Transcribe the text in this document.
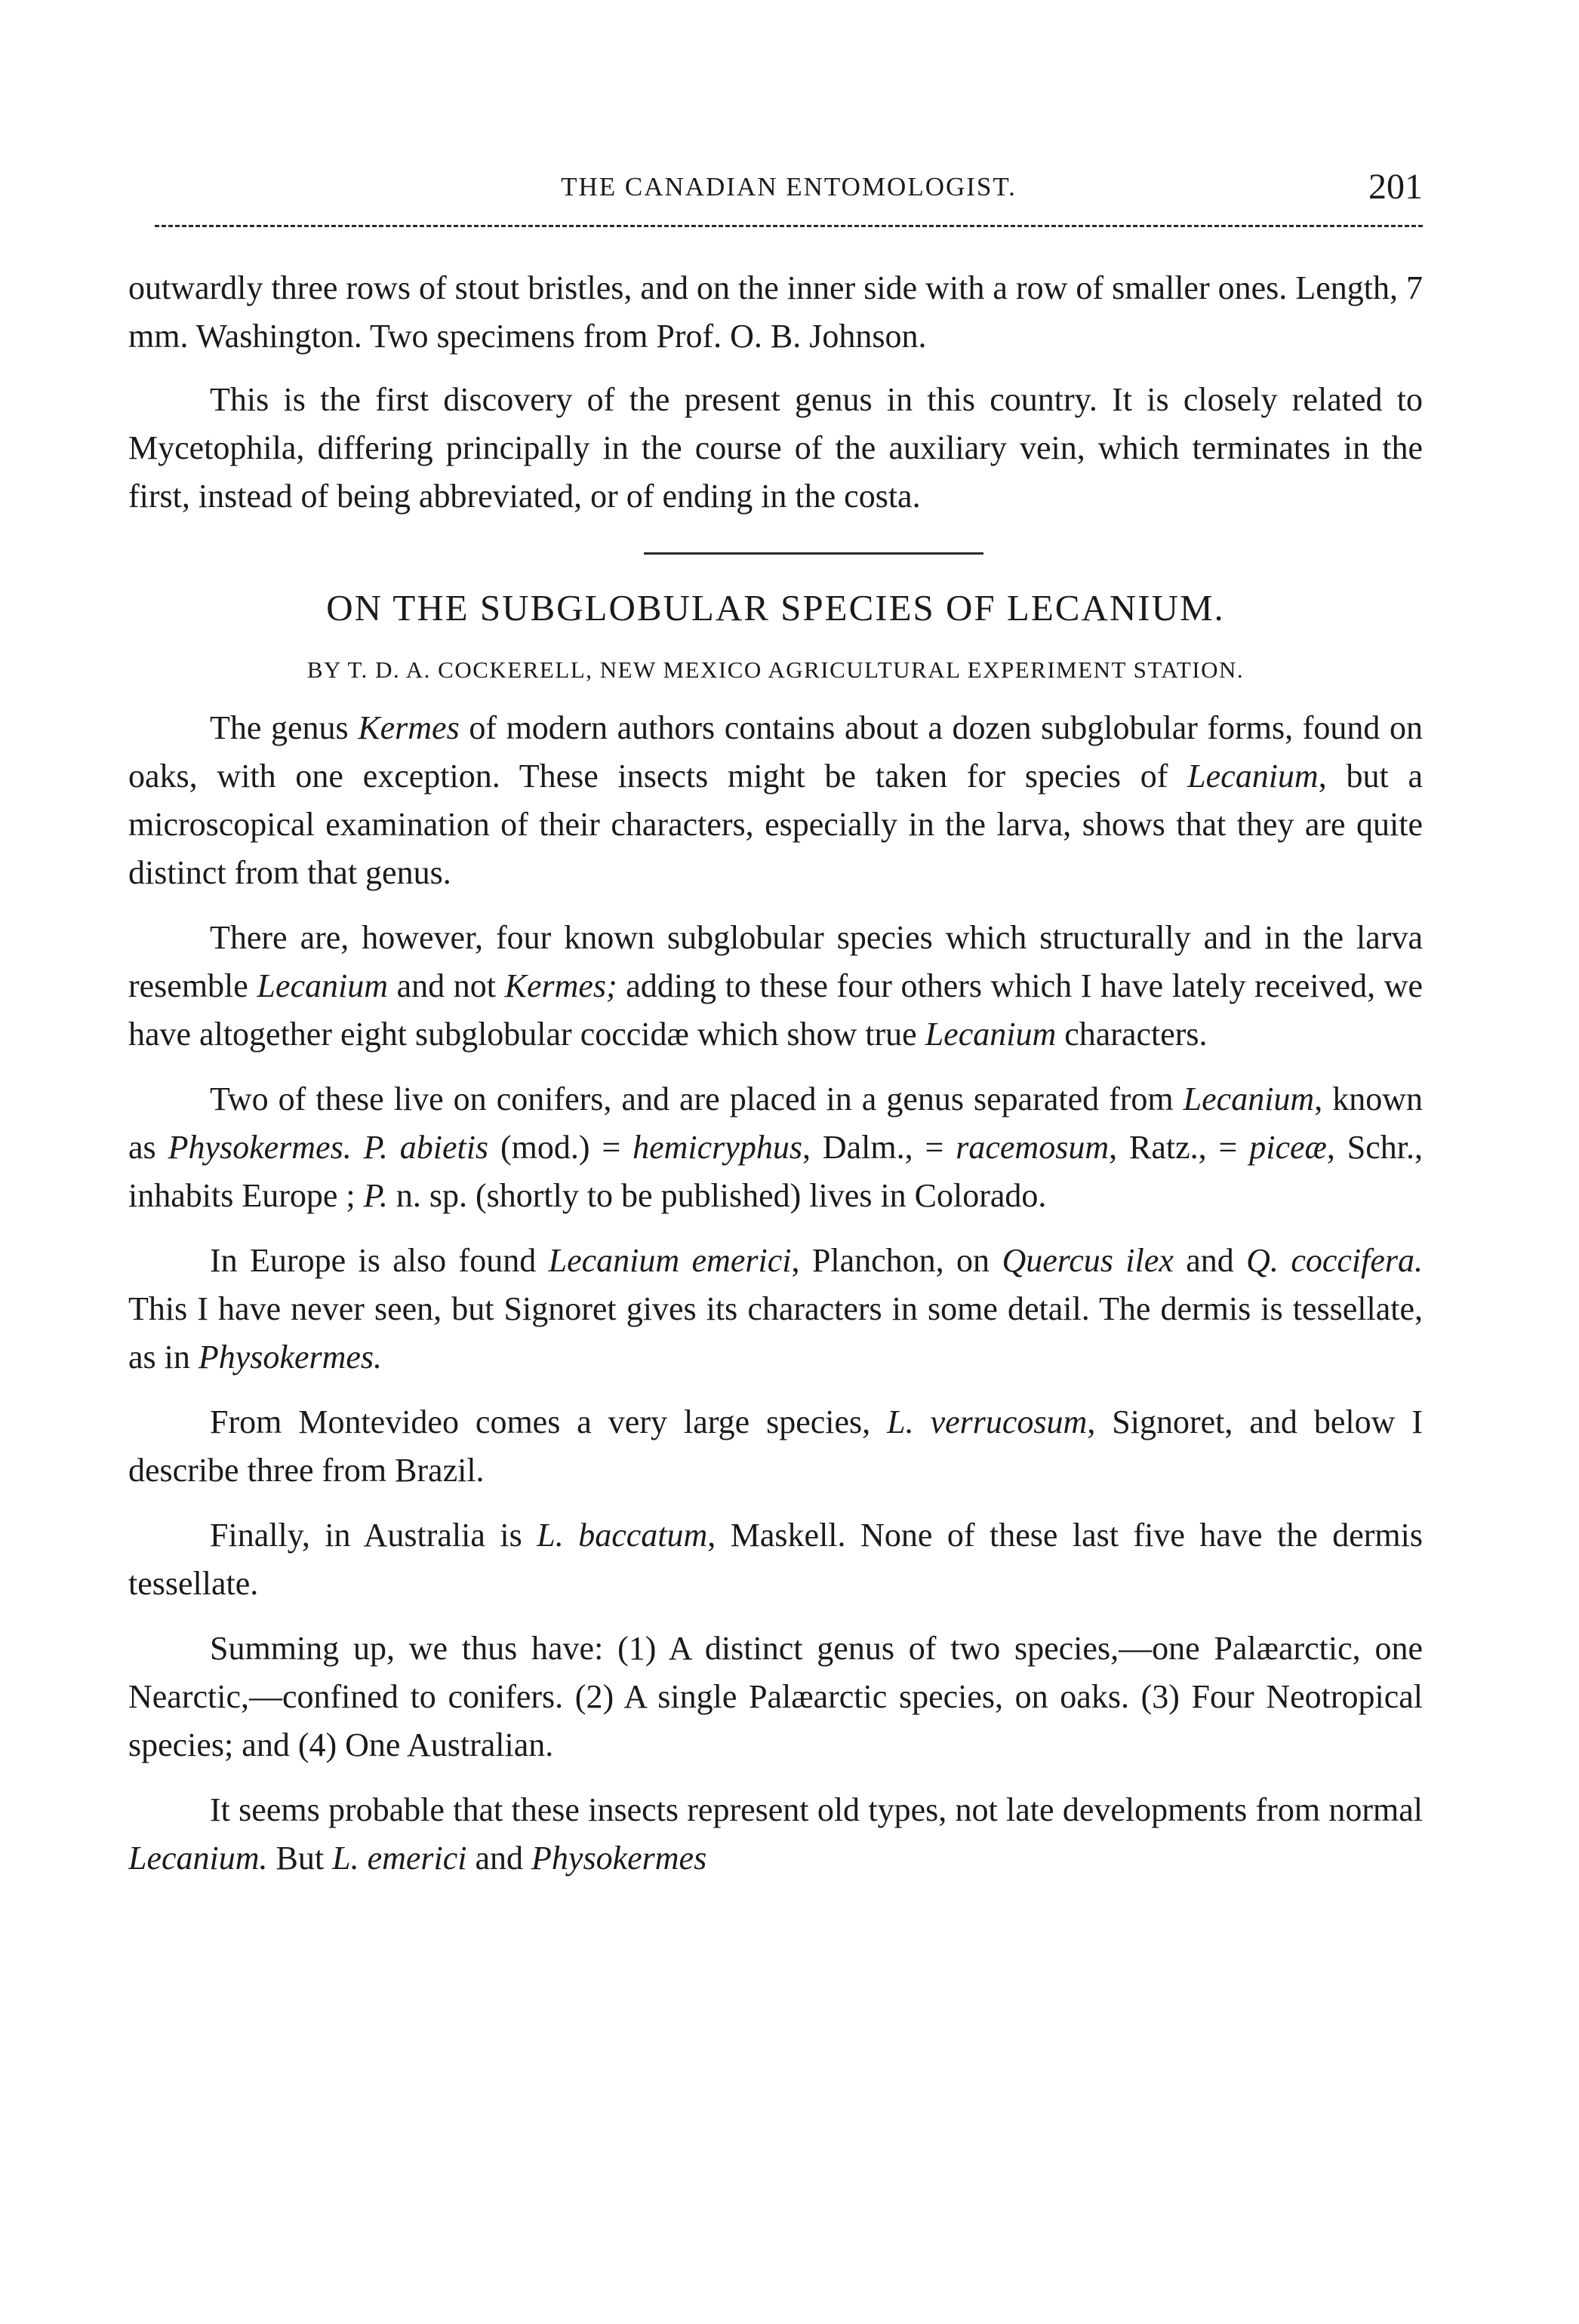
THE CANADIAN ENTOMOLOGIST.	201

outwardly three rows of stout bristles, and on the inner side with a row of smaller ones. Length, 7 mm. Washington. Two specimens from Prof. O. B. Johnson.

This is the first discovery of the present genus in this country. It is closely related to Mycetophila, differing principally in the course of the auxiliary vein, which terminates in the first, instead of being abbreviated, or of ending in the costa.

ON THE SUBGLOBULAR SPECIES OF LECANIUM.
BY T. D. A. COCKERELL, NEW MEXICO AGRICULTURAL EXPERIMENT STATION.

The genus Kermes of modern authors contains about a dozen subglobular forms, found on oaks, with one exception. These insects might be taken for species of Lecanium, but a microscopical examination of their characters, especially in the larva, shows that they are quite distinct from that genus.

There are, however, four known subglobular species which structurally and in the larva resemble Lecanium and not Kermes; adding to these four others which I have lately received, we have altogether eight subglobular coccidæ which show true Lecanium characters.

Two of these live on conifers, and are placed in a genus separated from Lecanium, known as Physokermes. P. abietis (mod.) = hemicryphus, Dalm., = racemosum, Ratz., = piceæ, Schr., inhabits Europe ; P. n. sp. (shortly to be published) lives in Colorado.

In Europe is also found Lecanium emerici, Planchon, on Quercus ilex and Q. coccifera. This I have never seen, but Signoret gives its characters in some detail. The dermis is tessellate, as in Physokermes.

From Montevideo comes a very large species, L. verrucosum, Signoret, and below I describe three from Brazil.

Finally, in Australia is L. baccatum, Maskell. None of these last five have the dermis tessellate.

Summing up, we thus have: (1) A distinct genus of two species,—one Palæarctic, one Nearctic,—confined to conifers. (2) A single Palæarctic species, on oaks. (3) Four Neotropical species; and (4) One Australian.

It seems probable that these insects represent old types, not late developments from normal Lecanium. But L. emerici and Physokermes
